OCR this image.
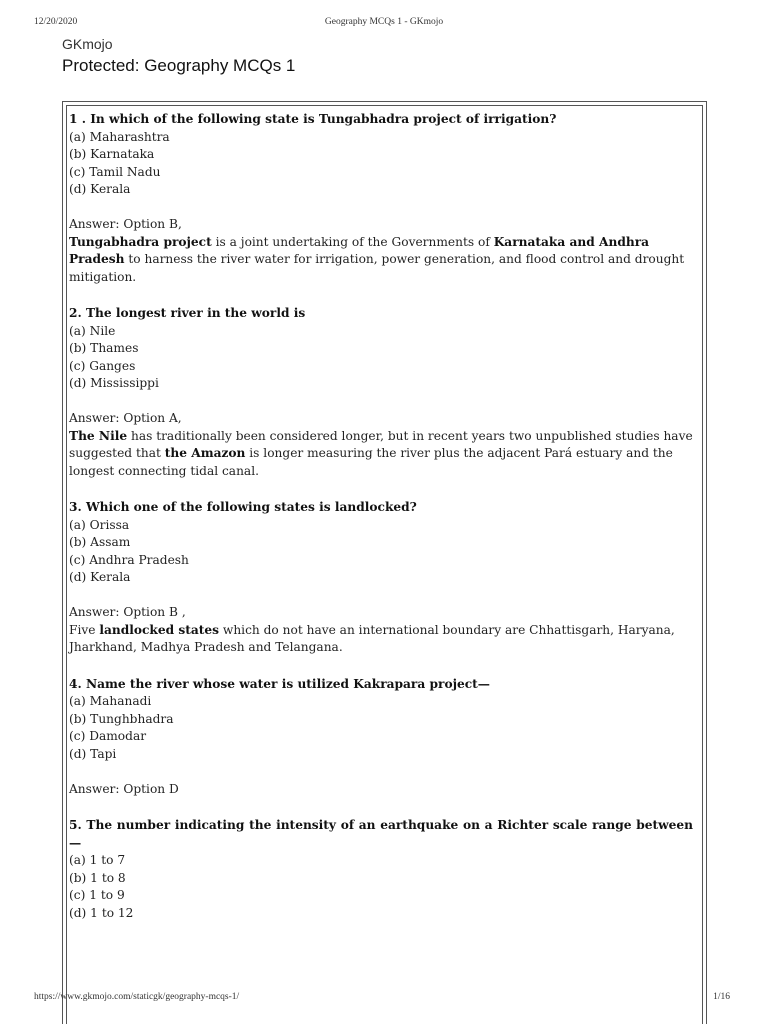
12/20/2020	Geography MCQs 1 - GKmojo
GKmojo
Protected: Geography MCQs 1
1 . In which of the following state is Tungabhadra project of irrigation?
(a) Maharashtra
(b) Karnataka
(c) Tamil Nadu
(d) Kerala
Answer: Option B,
Tungabhadra project is a joint undertaking of the Governments of Karnataka and Andhra Pradesh to harness the river water for irrigation, power generation, and flood control and drought mitigation.
2. The longest river in the world is
(a) Nile
(b) Thames
(c) Ganges
(d) Mississippi
Answer: Option A,
The Nile has traditionally been considered longer, but in recent years two unpublished studies have suggested that the Amazon is longer measuring the river plus the adjacent Pará estuary and the longest connecting tidal canal.
3. Which one of the following states is landlocked?
(a) Orissa
(b) Assam
(c) Andhra Pradesh
(d) Kerala
Answer: Option B ,
Five landlocked states which do not have an international boundary are Chhattisgarh, Haryana, Jharkhand, Madhya Pradesh and Telangana.
4. Name the river whose water is utilized Kakrapara project—
(a) Mahanadi
(b) Tunghbhadra
(c) Damodar
(d) Tapi
Answer: Option D
5. The number indicating the intensity of an earthquake on a Richter scale range between—
(a) 1 to 7
(b) 1 to 8
(c) 1 to 9
(d) 1 to 12
https://www.gkmojo.com/staticgk/geography-mcqs-1/	1/16
